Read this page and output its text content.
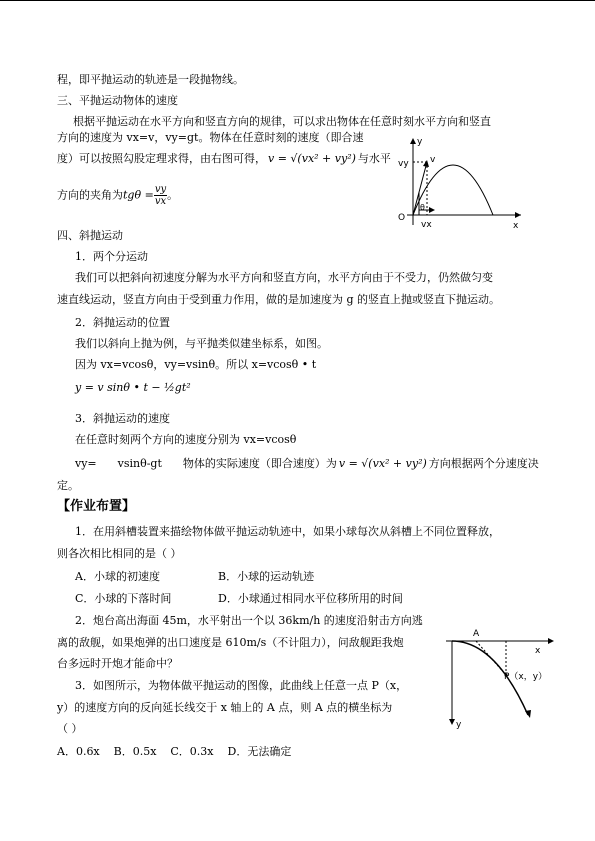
程，即平抛运动的轨迹是一段抛物线。
三、平抛运动物体的速度
根据平抛运动在水平方向和竖直方向的规律，可以求出物体在任意时刻水平方向和竖直
方向的速度为 vx=v，vy=gt。物体在任意时刻的速度（即合速
度）可以按照勾股定理求得，由右图可得， v = √(vx² + vy²) 与水平
方向的夹角为$tg\theta = \frac{vy}{vx}$ 。
y
v
vy
θ
O
vx	x
四、斜抛运动
1．两个分运动
我们可以把斜向初速度分解为水平方向和竖直方向，水平方向由于不受力，仍然做匀变
速直线运动，竖直方向由于受到重力作用，做的是加速度为 g 的竖直上抛或竖直下抛运动。
2．斜抛运动的位置
我们以斜向上抛为例，与平抛类似建坐标系，如图。
因为 vx=vcosθ，vy=vsinθ。所以 x=vcosθ • t
y = v sinθ • t − ½gt²
3．斜抛运动的速度
在任意时刻两个方向的速度分别为 vx=vcosθ
vy=      vsinθ-gt      物体的实际速度（即合速度）为 v = √(vx² + vy²) 方向根据两个分速度决
定。
【作业布置】
1．在用斜槽装置来描绘物体做平抛运动轨迹中，如果小球每次从斜槽上不同位置释放，
则各次相比相同的是（ ）
A．小球的初速度	B．小球的运动轨迹
C．小球的下落时间	D．小球通过相同水平位移所用的时间
2．炮台高出海面 45m，水平射出一个以 36km/h 的速度沿射击方向逃
离的敌舰，如果炮弹的出口速度是 610m/s（不计阻力），问敌舰距我炮
台多远时开炮才能命中？
3．如图所示，为物体做平抛运动的图像，此曲线上任意一点 P（x，
y）的速度方向的反向延长线交于 x 轴上的 A 点，则 A 点的横坐标为
（ ）
A．0.6x    B．0.5x    C．0.3x    D．无法确定
A
x
P（x，y）
y
